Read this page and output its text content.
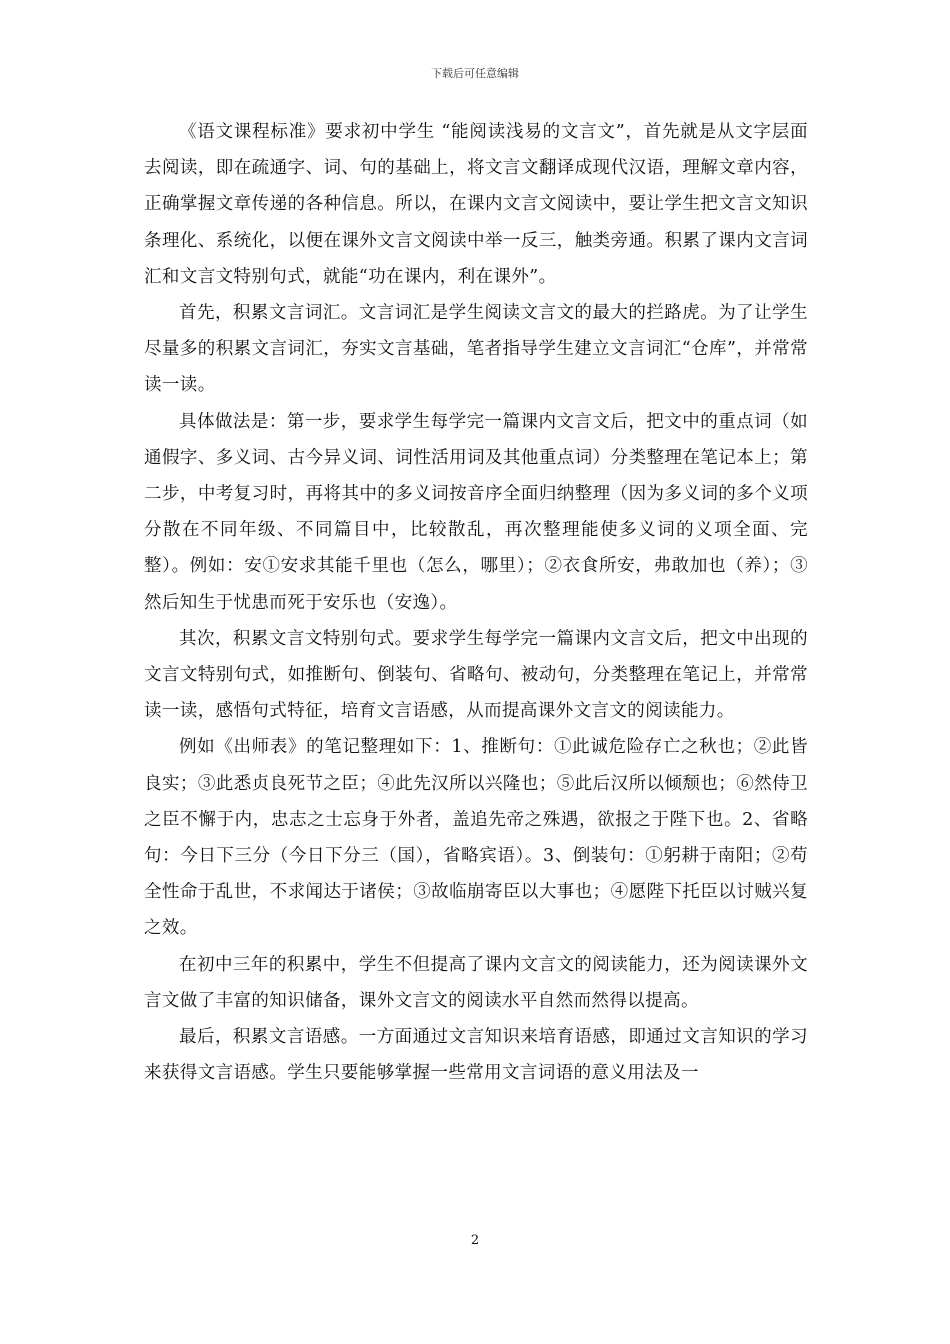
下载后可任意编辑

《语文课程标准》要求初中学生 “能阅读浅易的文言文”，首先就是从文字层面去阅读，即在疏通字、词、句的基础上，将文言文翻译成现代汉语，理解文章内容，正确掌握文章传递的各种信息。所以，在课内文言文阅读中，要让学生把文言文知识条理化、系统化，以便在课外文言文阅读中举一反三，触类旁通。积累了课内文言词汇和文言文特别句式，就能“功在课内，利在课外”。

首先，积累文言词汇。文言词汇是学生阅读文言文的最大的拦路虎。为了让学生尽量多的积累文言词汇，夯实文言基础，笔者指导学生建立文言词汇“仓库”，并常常读一读。

具体做法是：第一步，要求学生每学完一篇课内文言文后，把文中的重点词（如通假字、多义词、古今异义词、词性活用词及其他重点词）分类整理在笔记本上；第二步，中考复习时，再将其中的多义词按音序全面归纳整理（因为多义词的多个义项分散在不同年级、不同篇目中，比较散乱，再次整理能使多义词的义项全面、完整）。例如：安①安求其能千里也（怎么，哪里）；②衣食所安，弗敢加也（养）；③然后知生于忧患而死于安乐也（安逸）。

其次，积累文言文特别句式。要求学生每学完一篇课内文言文后，把文中出现的文言文特别句式，如推断句、倒装句、省略句、被动句，分类整理在笔记上，并常常读一读，感悟句式特征，培育文言语感，从而提高课外文言文的阅读能力。

例如《出师表》的笔记整理如下：1、推断句：①此诚危险存亡之秋也；②此皆良实；③此悉贞良死节之臣；④此先汉所以兴隆也；⑤此后汉所以倾颓也；⑥然侍卫之臣不懈于内，忠志之士忘身于外者，盖追先帝之殊遇，欲报之于陛下也。2、省略句：今日下三分（今日下分三（国），省略宾语）。3、倒装句：①躬耕于南阳；②苟全性命于乱世，不求闻达于诸侯；③故临崩寄臣以大事也；④愿陛下托臣以讨贼兴复之效。

在初中三年的积累中，学生不但提高了课内文言文的阅读能力，还为阅读课外文言文做了丰富的知识储备，课外文言文的阅读水平自然而然得以提高。

最后，积累文言语感。一方面通过文言知识来培育语感，即通过文言知识的学习来获得文言语感。学生只要能够掌握一些常用文言词语的意义用法及一

2
